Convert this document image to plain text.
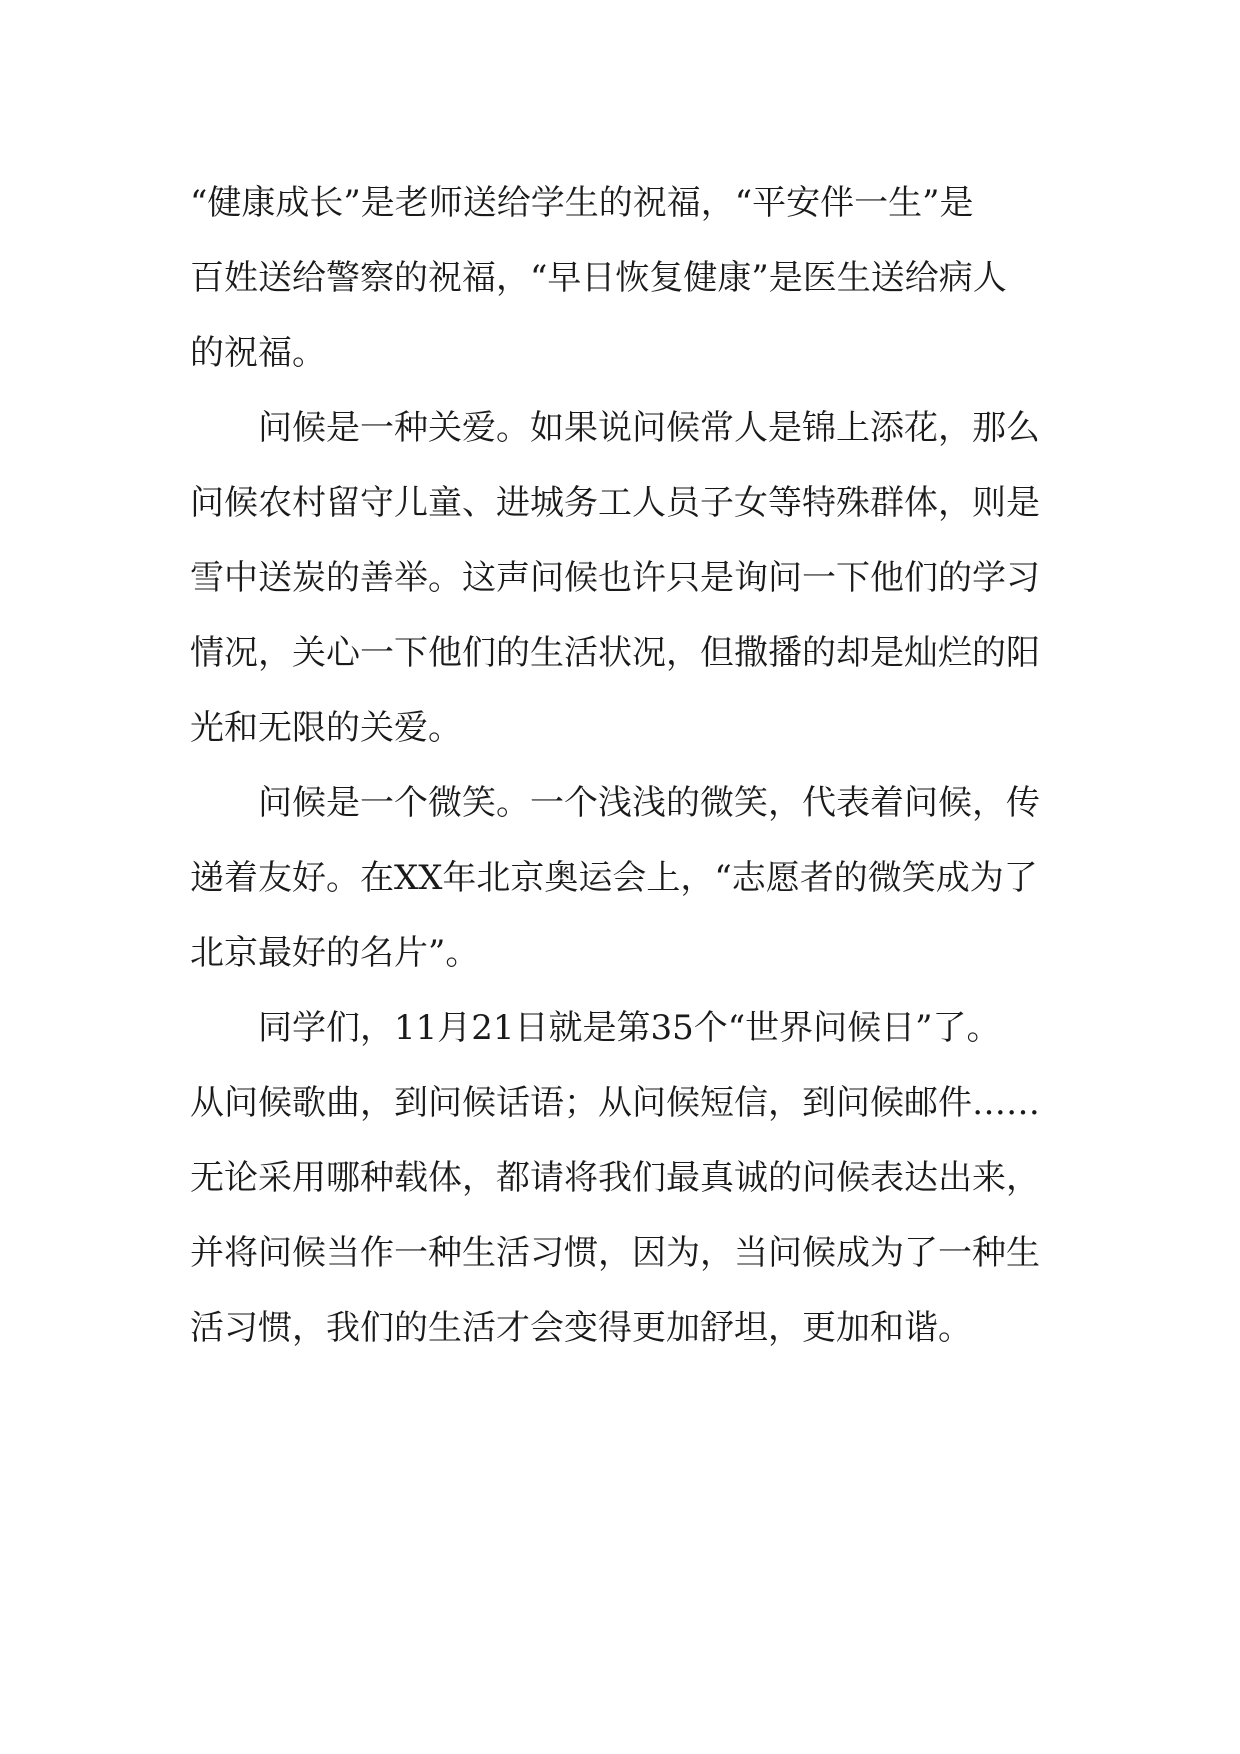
“健康成长”是老师送给学生的祝福，“平安伴一生”是
百姓送给警察的祝福，“早日恢复健康”是医生送给病人
的祝福。
问候是一种关爱。如果说问候常人是锦上添花，那么
问候农村留守儿童、进城务工人员子女等特殊群体，则是
雪中送炭的善举。这声问候也许只是询问一下他们的学习
情况，关心一下他们的生活状况，但撒播的却是灿烂的阳
光和无限的关爱。
问候是一个微笑。一个浅浅的微笑，代表着问候，传
递着友好。在XX年北京奥运会上，“志愿者的微笑成为了
北京最好的名片”。
同学们，11月21日就是第35个“世界问候日”了。
从问候歌曲，到问候话语；从问候短信，到问候邮件……
无论采用哪种载体，都请将我们最真诚的问候表达出来，
并将问候当作一种生活习惯，因为，当问候成为了一种生
活习惯，我们的生活才会变得更加舒坦，更加和谐。
